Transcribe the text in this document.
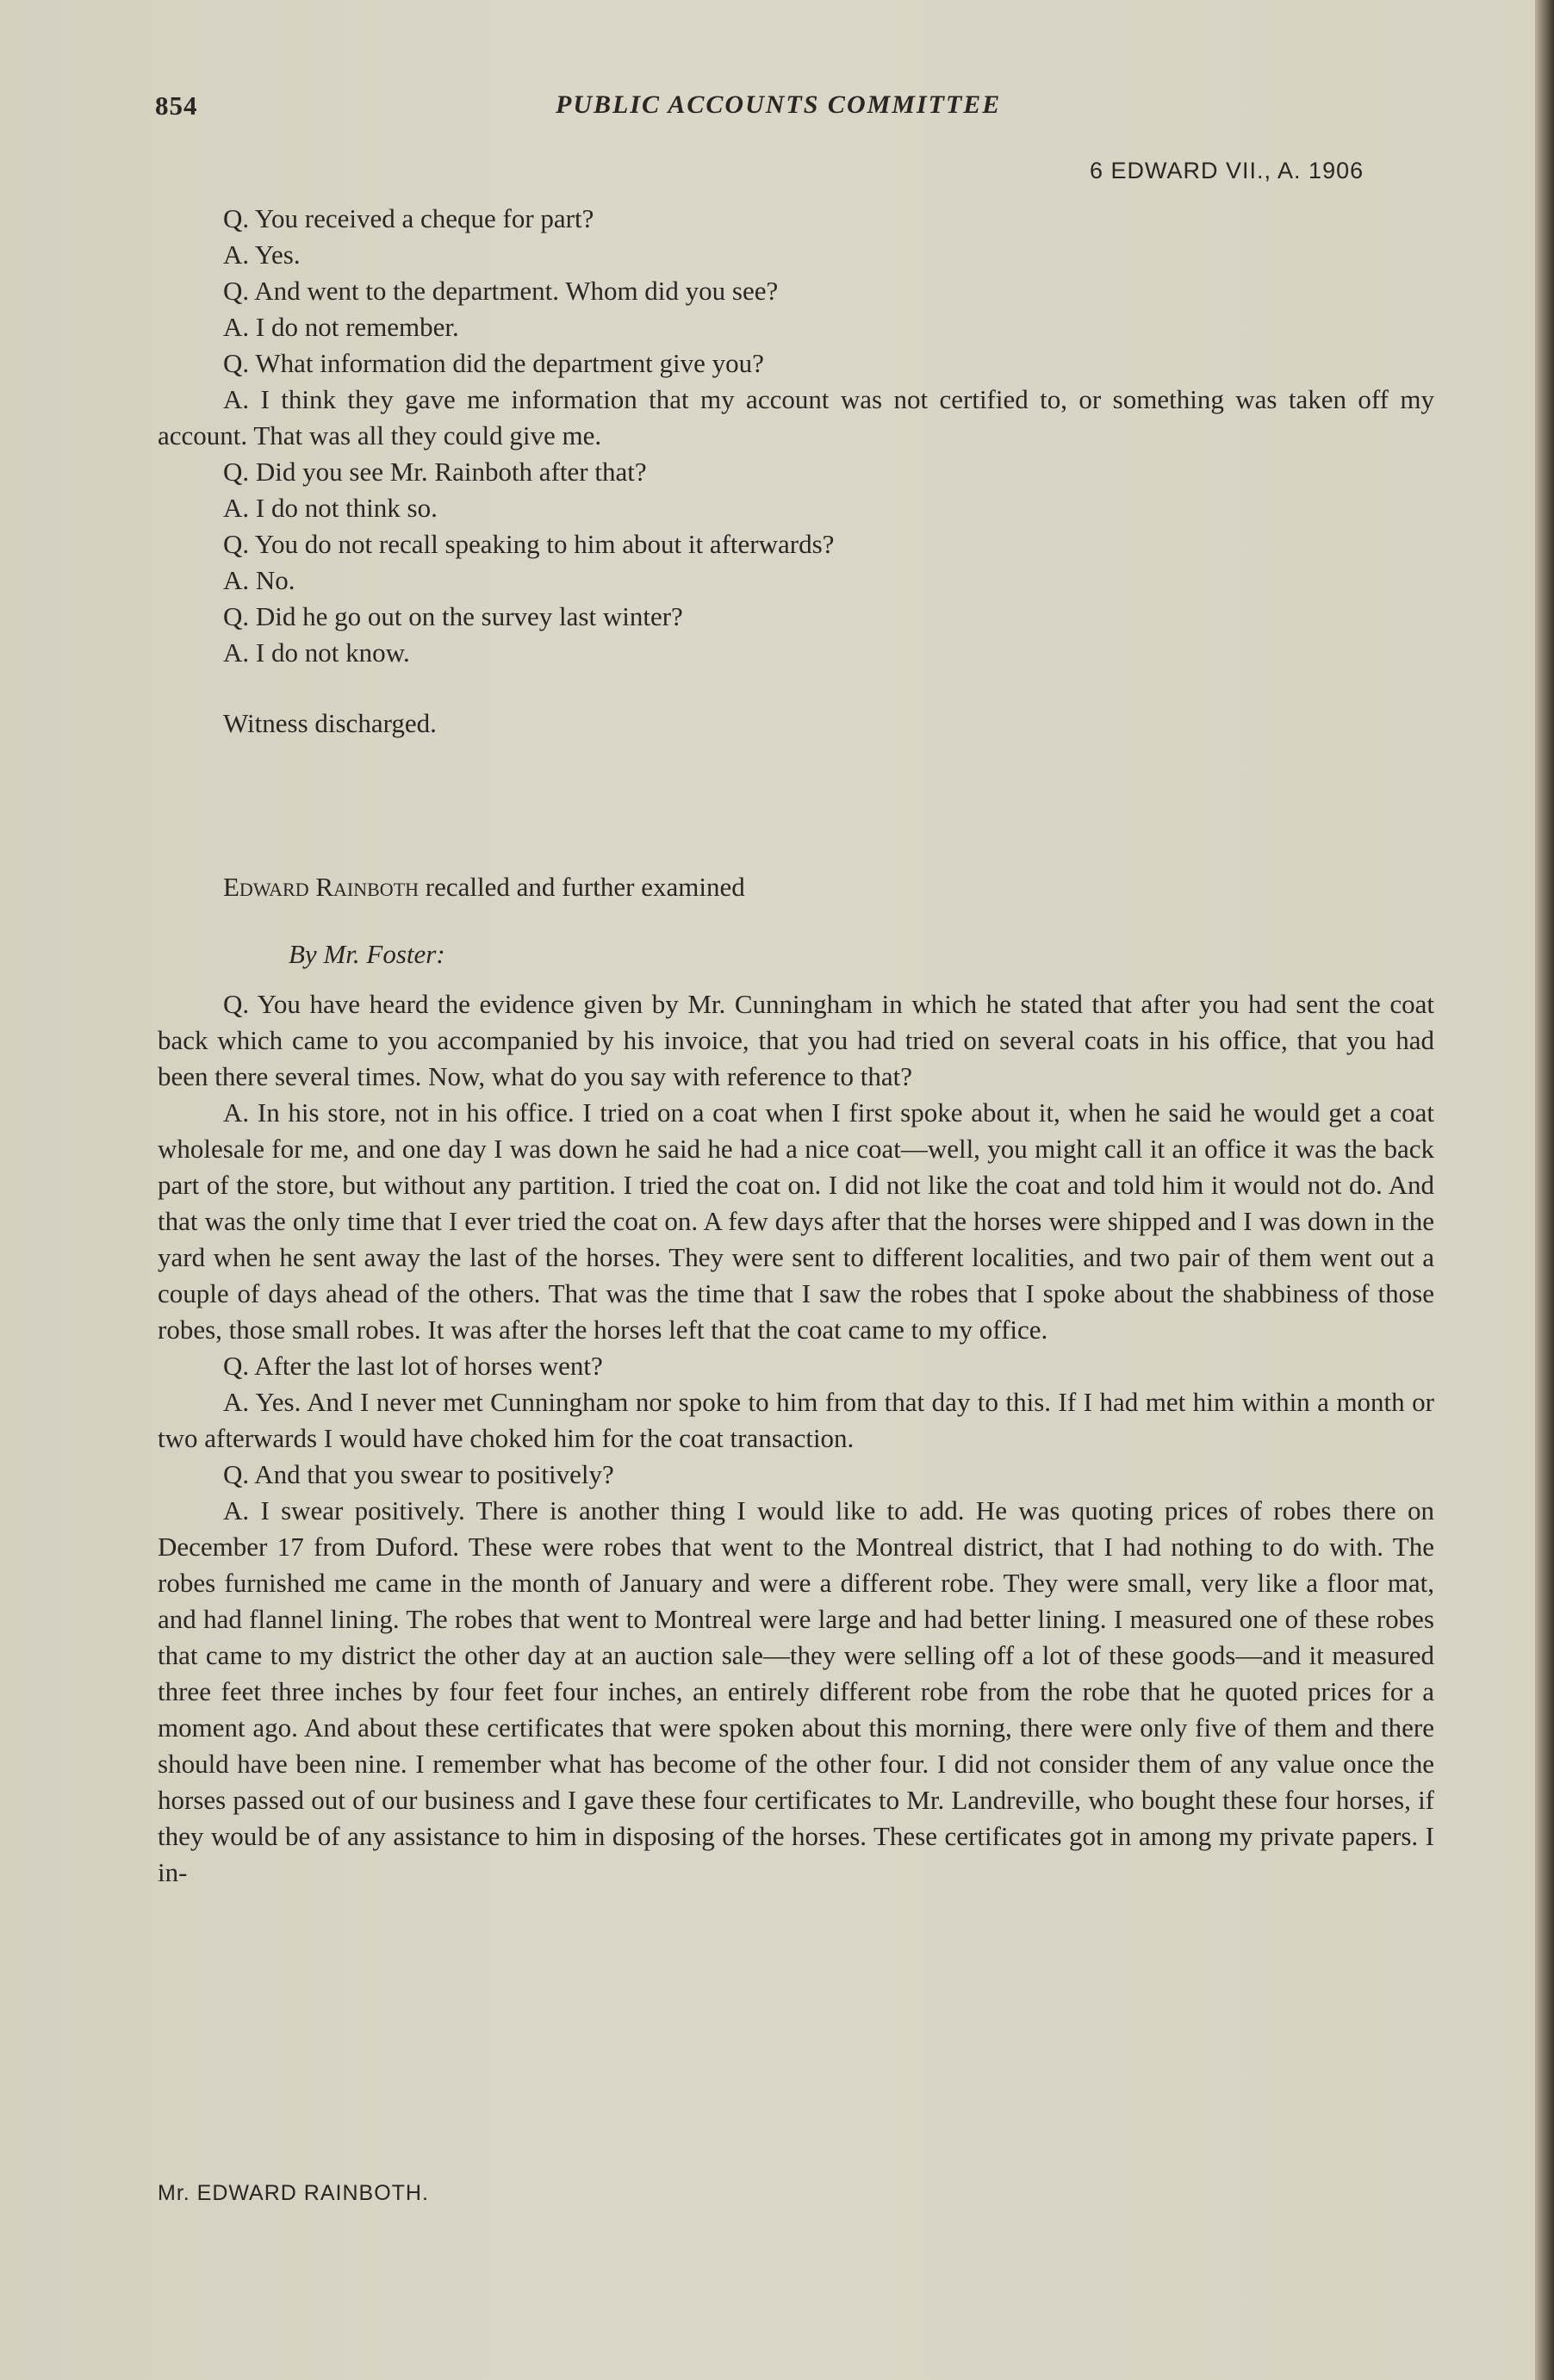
854	PUBLIC ACCOUNTS COMMITTEE
6 EDWARD VII., A. 1906

Q. You received a cheque for part?

A. Yes.

Q. And went to the department. Whom did you see?

A. I do not remember.

Q. What information did the department give you?

A. I think they gave me information that my account was not certified to, or something was taken off my account. That was all they could give me.

Q. Did you see Mr. Rainboth after that?

A. I do not think so.

Q. You do not recall speaking to him about it afterwards?

A. No.

Q. Did he go out on the survey last winter?

A. I do not know.

Witness discharged.
Edward Rainboth recalled and further examined
By Mr. Foster:

Q. You have heard the evidence given by Mr. Cunningham in which he stated that after you had sent the coat back which came to you accompanied by his invoice, that you had tried on several coats in his office, that you had been there several times. Now, what do you say with reference to that?

A. In his store, not in his office. I tried on a coat when I first spoke about it, when he said he would get a coat wholesale for me, and one day I was down he said he had a nice coat—well, you might call it an office it was the back part of the store, but without any partition. I tried the coat on. I did not like the coat and told him it would not do. And that was the only time that I ever tried the coat on. A few days after that the horses were shipped and I was down in the yard when he sent away the last of the horses. They were sent to different localities, and two pair of them went out a couple of days ahead of the others. That was the time that I saw the robes that I spoke about the shabbiness of those robes, those small robes. It was after the horses left that the coat came to my office.

Q. After the last lot of horses went?

A. Yes. And I never met Cunningham nor spoke to him from that day to this. If I had met him within a month or two afterwards I would have choked him for the coat transaction.

Q. And that you swear to positively?

A. I swear positively. There is another thing I would like to add. He was quoting prices of robes there on December 17 from Duford. These were robes that went to the Montreal district, that I had nothing to do with. The robes furnished me came in the month of January and were a different robe. They were small, very like a floor mat, and had flannel lining. The robes that went to Montreal were large and had better lining. I measured one of these robes that came to my district the other day at an auction sale—they were selling off a lot of these goods—and it measured three feet three inches by four feet four inches, an entirely different robe from the robe that he quoted prices for a moment ago. And about these certificates that were spoken about this morning, there were only five of them and there should have been nine. I remember what has become of the other four. I did not consider them of any value once the horses passed out of our business and I gave these four certificates to Mr. Landreville, who bought these four horses, if they would be of any assistance to him in disposing of the horses. These certificates got in among my private papers. I in-

Mr. EDWARD RAINBOTH.
